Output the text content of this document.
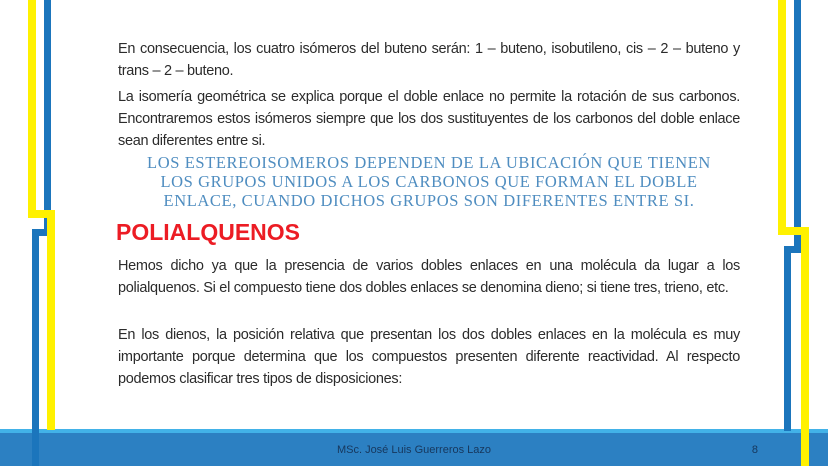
En consecuencia, los cuatro isómeros del buteno serán: 1 – buteno, isobutileno, cis – 2 – buteno y trans – 2 – buteno.

La isomería geométrica se explica porque el doble enlace no permite la rotación de sus carbonos. Encontraremos estos isómeros siempre que los dos sustituyentes de los carbonos del doble enlace sean diferentes entre si.

LOS ESTEREOISOMEROS DEPENDEN DE LA UBICACIÓN QUE TIENEN
LOS GRUPOS UNIDOS A LOS CARBONOS QUE FORMAN EL DOBLE
ENLACE, CUANDO DICHOS GRUPOS SON DIFERENTES ENTRE SI.
POLIALQUENOS

Hemos dicho ya que la presencia de varios dobles enlaces en una molécula da lugar a los polialquenos. Si el compuesto tiene dos dobles enlaces se denomina dieno; si tiene tres, trieno, etc.

En los dienos, la posición relativa que presentan los dos dobles enlaces en la molécula es muy importante porque determina que los compuestos presenten diferente reactividad. Al respecto podemos clasificar tres tipos de disposiciones:

MSc. José Luis Guerreros Lazo	8
